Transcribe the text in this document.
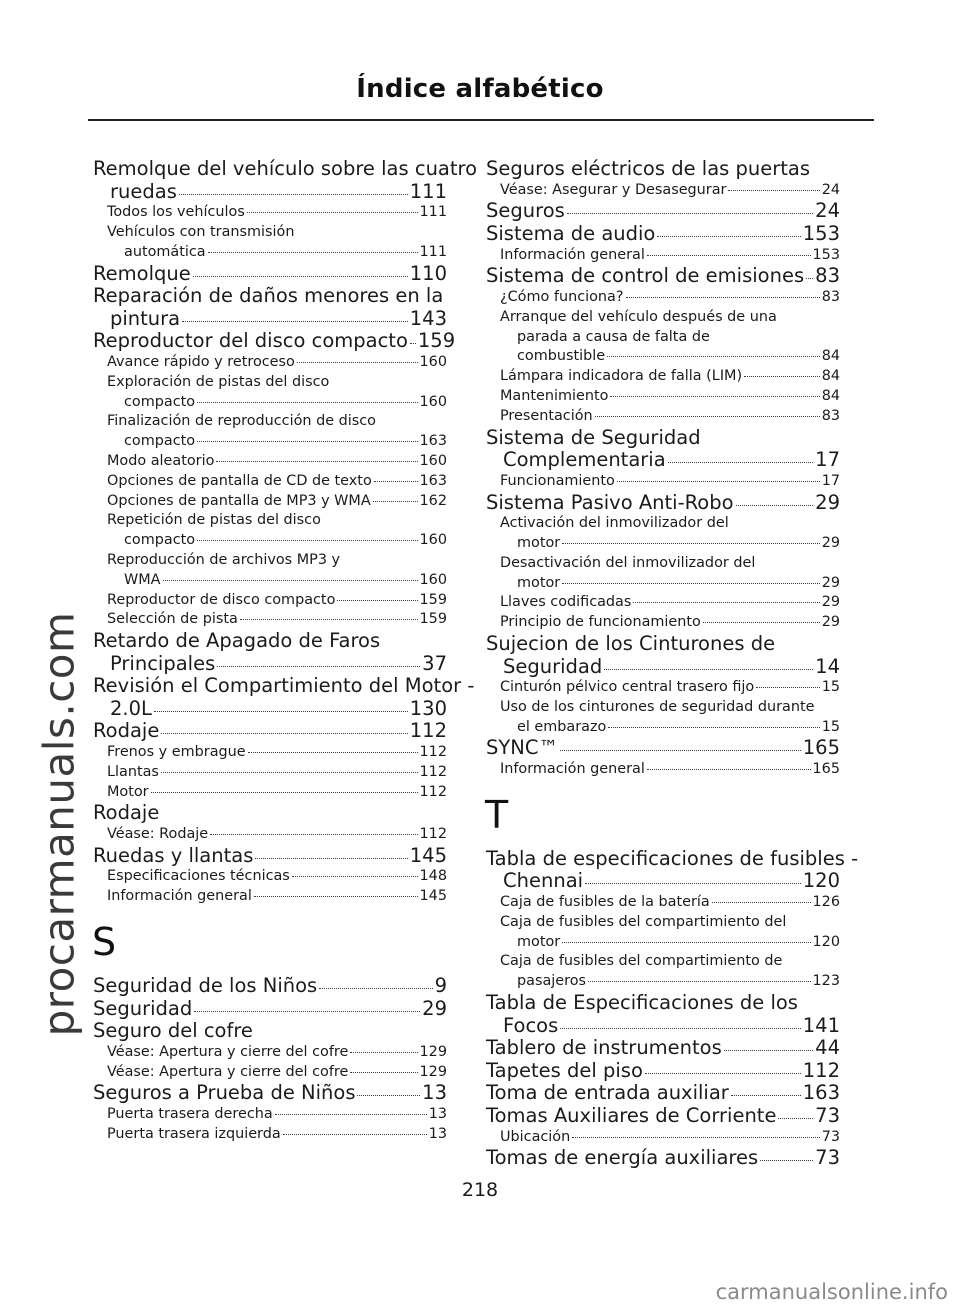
Índice alfabético
procarmanuals.com
Remolque del vehículo sobre las cuatro
ruedas	111
Todos los vehículos	111
Vehículos con transmisión
automática	111
Remolque	110
Reparación de daños menores en la
pintura	143
Reproductor del disco compacto 159
Avance rápido y retroceso	160
Exploración de pistas del disco
compacto	160
Finalización de reproducción de disco
compacto	163
Modo aleatorio	160
Opciones de pantalla de CD de texto	163
Opciones de pantalla de MP3 y WMA	162
Repetición de pistas del disco
compacto	160
Reproducción de archivos MP3 y
WMA	160
Reproductor de disco compacto	159
Selección de pista	159
Retardo de Apagado de Faros
Principales	37
Revisión el Compartimiento del Motor -
2.0L	130
Rodaje	112
Frenos y embrague	112
Llantas	112
Motor	112
Rodaje
Véase: Rodaje	112
Ruedas y llantas	145
Especificaciones técnicas	148
Información general	145
S
Seguridad de los Niños	9
Seguridad	29
Seguro del cofre
Véase: Apertura y cierre del cofre	129
Véase: Apertura y cierre del cofre	129
Seguros a Prueba de Niños	13
Puerta trasera derecha	13
Puerta trasera izquierda	13
Seguros eléctricos de las puertas
Véase: Asegurar y Desasegurar	24
Seguros	24
Sistema de audio	153
Información general	153
Sistema de control de emisiones 83
¿Cómo funciona?	83
Arranque del vehículo después de una
parada a causa de falta de
combustible	84
Lámpara indicadora de falla (LIM)	84
Mantenimiento	84
Presentación	83
Sistema de Seguridad
Complementaria	17
Funcionamiento	17
Sistema Pasivo Anti-Robo	29
Activación del inmovilizador del
motor	29
Desactivación del inmovilizador del
motor	29
Llaves codificadas	29
Principio de funcionamiento	29
Sujecion de los Cinturones de
Seguridad	14
Cinturón pélvico central trasero fijo	15
Uso de los cinturones de seguridad durante
el embarazo	15
SYNC™	165
Información general	165
T
Tabla de especificaciones de fusibles -
Chennai	120
Caja de fusibles de la batería	126
Caja de fusibles del compartimiento del
motor	120
Caja de fusibles del compartimiento de
pasajeros	123
Tabla de Especificaciones de los
Focos	141
Tablero de instrumentos	44
Tapetes del piso	112
Toma de entrada auxiliar	163
Tomas Auxiliares de Corriente 73
Ubicación	73
Tomas de energía auxiliares	73
218
carmanualsonline.info
